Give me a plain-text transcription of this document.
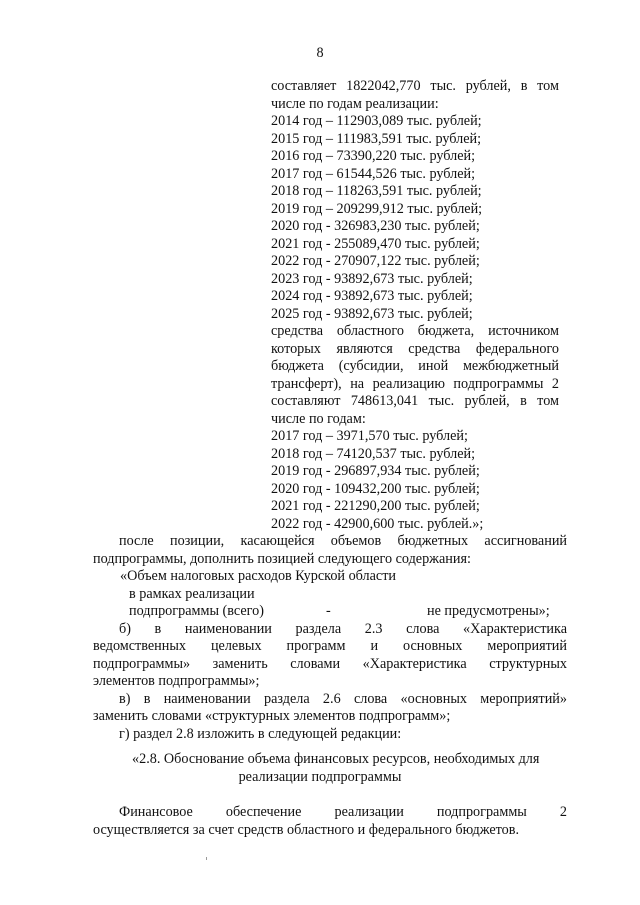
8
составляет 1822042,770 тыс. рублей, в том
числе по годам реализации:
2014 год – 112903,089 тыс. рублей;
2015 год – 111983,591 тыс. рублей;
2016 год – 73390,220 тыс. рублей;
2017 год – 61544,526 тыс. рублей;
2018 год – 118263,591 тыс. рублей;
2019 год – 209299,912 тыс. рублей;
2020 год - 326983,230 тыс. рублей;
2021 год - 255089,470 тыс. рублей;
2022 год - 270907,122 тыс. рублей;
2023 год - 93892,673 тыс. рублей;
2024 год - 93892,673 тыс. рублей;
2025 год - 93892,673 тыс. рублей;
средства областного бюджета, источником
которых являются средства федерального
бюджета (субсидии, иной межбюджетный
трансферт), на реализацию подпрограммы 2
составляют 748613,041 тыс. рублей, в том
числе по годам:
2017 год – 3971,570 тыс. рублей;
2018 год – 74120,537 тыс. рублей;
2019 год - 296897,934 тыс. рублей;
2020 год - 109432,200 тыс. рублей;
2021 год - 221290,200 тыс. рублей;
2022 год - 42900,600 тыс. рублей.»;
после позиции, касающейся объемов бюджетных ассигнований
подпрограммы, дополнить позицией следующего содержания:
«Объем налоговых расходов Курской области
в рамках реализации
подпрограммы (всего)	-	не предусмотрены»;
б) в наименовании раздела 2.3 слова «Характеристика
ведомственных целевых программ и основных мероприятий
подпрограммы» заменить словами «Характеристика структурных
элементов подпрограммы»;
в) в наименовании раздела 2.6 слова «основных мероприятий»
заменить словами «структурных элементов подпрограмм»;
г) раздел 2.8 изложить в следующей редакции:
«2.8. Обоснование объема финансовых ресурсов, необходимых для
реализации подпрограммы
Финансовое обеспечение реализации подпрограммы 2
осуществляется за счет средств областного и федерального бюджетов.
